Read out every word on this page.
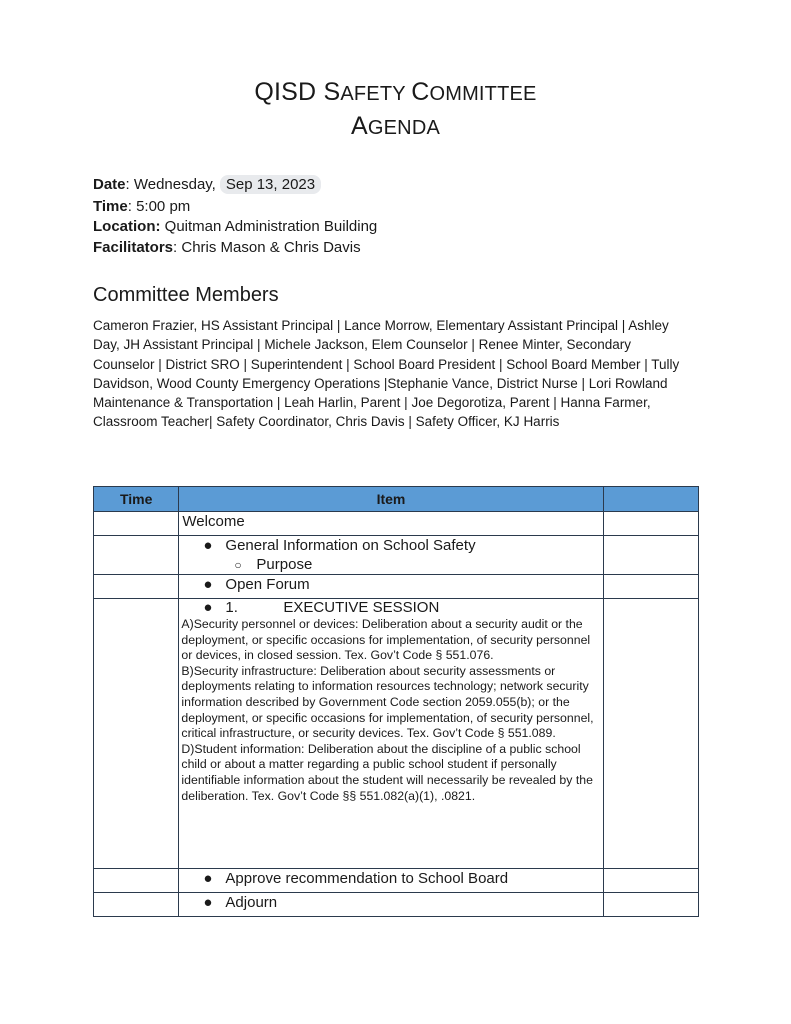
QISD SAFETY COMMITTEE
AGENDA
Date: Wednesday, Sep 13, 2023
Time: 5:00 pm
Location: Quitman Administration Building
Facilitators: Chris Mason & Chris Davis
Committee Members
Cameron Frazier, HS Assistant Principal | Lance Morrow, Elementary Assistant Principal | Ashley Day, JH Assistant Principal | Michele Jackson, Elem Counselor | Renee Minter, Secondary Counselor | District SRO | Superintendent | School Board President | School Board Member | Tully Davidson, Wood County Emergency Operations |Stephanie Vance, District Nurse | Lori Rowland Maintenance & Transportation | Leah Harlin, Parent | Joe Degorotiza, Parent | Hanna Farmer, Classroom Teacher| Safety Coordinator, Chris Davis | Safety Officer, KJ Harris
Time	Item	

	Welcome	

	● General Information on School Safety
○ Purpose	

	● Open Forum	

	● 1. EXECUTIVE SESSION
A)Security personnel or devices: Deliberation about a security audit or the deployment, or specific occasions for implementation, of security personnel or devices, in closed session. Tex. Gov’t Code § 551.076.
B)Security infrastructure: Deliberation about security assessments or deployments relating to information resources technology; network security information described by Government Code section 2059.055(b); or the deployment, or specific occasions for implementation, of security personnel, critical infrastructure, or security devices. Tex. Gov’t Code § 551.089.
D)Student information: Deliberation about the discipline of a public school child or about a matter regarding a public school student if personally identifiable information about the student will necessarily be revealed by the deliberation. Tex. Gov’t Code §§ 551.082(a)(1), .0821.	

	● Approve recommendation to School Board	

	● Adjourn	
